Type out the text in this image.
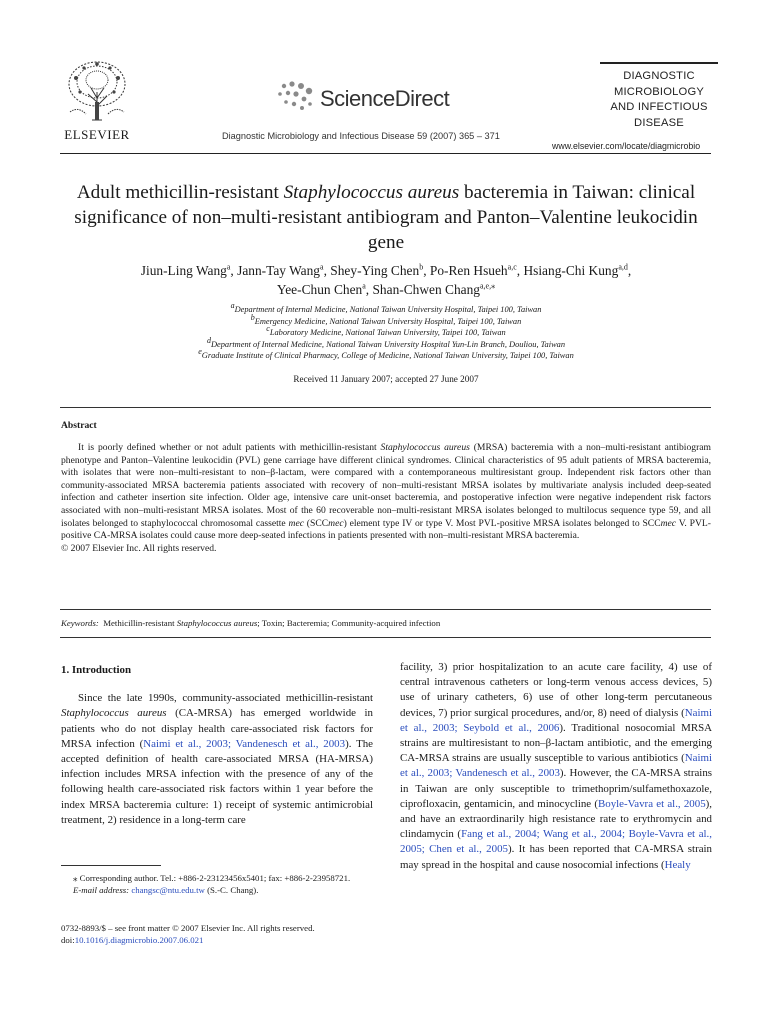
ELSEVIER
ScienceDirect
Diagnostic Microbiology and Infectious Disease 59 (2007) 365 – 371
DIAGNOSTIC
MICROBIOLOGY
AND INFECTIOUS
DISEASE
www.elsevier.com/locate/diagmicrobio
Adult methicillin-resistant Staphylococcus aureus bacteremia in Taiwan: clinical significance of non–multi-resistant antibiogram and Panton–Valentine leukocidin gene
Jiun-Ling Wang$^a$, Jann-Tay Wang$^a$, Shey-Ying Chen$^b$, Po-Ren Hsueh$^{a,c}$, Hsiang-Chi Kung$^{a,d}$,
Yee-Chun Chen$^a$, Shan-Chwen Chang$^{a,e,⁎}$
$^a$Department of Internal Medicine, National Taiwan University Hospital, Taipei 100, Taiwan
$^b$Emergency Medicine, National Taiwan University Hospital, Taipei 100, Taiwan
$^c$Laboratory Medicine, National Taiwan University, Taipei 100, Taiwan
$^d$Department of Internal Medicine, National Taiwan University Hospital Yun-Lin Branch, Douliou, Taiwan
$^e$Graduate Institute of Clinical Pharmacy, College of Medicine, National Taiwan University, Taipei 100, Taiwan
Received 11 January 2007; accepted 27 June 2007
Abstract

It is poorly defined whether or not adult patients with methicillin-resistant Staphylococcus aureus (MRSA) bacteremia with a non–multi-resistant antibiogram phenotype and Panton–Valentine leukocidin (PVL) gene carriage have different clinical syndromes. Clinical characteristics of 95 adult patients of MRSA bacteremia, with isolates that were non–multi-resistant to non–β-lactam, were compared with a contemporaneous multiresistant group. Independent risk factors other than community-associated MRSA bacteremia patients associated with recovery of non–multi-resistant MRSA isolates by multivariate analysis included deep-seated infection and catheter insertion site infection. Older age, intensive care unit-onset bacteremia, and postoperative infection were negative independent risk factors associated with non–multi-resistant MRSA isolates. Most of the 60 recoverable non–multi-resistant MRSA isolates belonged to multilocus sequence type 59, and all isolates belonged to staphylococcal chromosomal cassette mec (SCCmec) element type IV or type V. Most PVL-positive MRSA isolates belonged to SCCmec V. PVL-positive CA-MRSA isolates could cause more deep-seated infections in patients presented with non–multi-resistant MRSA bacteremia.

© 2007 Elsevier Inc. All rights reserved.

Keywords: Methicillin-resistant Staphylococcus aureus; Toxin; Bacteremia; Community-acquired infection
1. Introduction

Since the late 1990s, community-associated methicillin-resistant Staphylococcus aureus (CA-MRSA) has emerged worldwide in patients who do not display health care-associated risk factors for MRSA infection (Naimi et al., 2003; Vandenesch et al., 2003). The accepted definition of health care-associated MRSA (HA-MRSA) infection includes MRSA infection with the presence of any of the following health care-associated risk factors within 1 year before the index MRSA bacteremia culture: 1) receipt of systemic antimicrobial treatment, 2) residence in a long-term care

facility, 3) prior hospitalization to an acute care facility, 4) use of central intravenous catheters or long-term venous access devices, 5) use of urinary catheters, 6) use of other long-term percutaneous devices, 7) prior surgical procedures, and/or, 8) need of dialysis (Naimi et al., 2003; Seybold et al., 2006). Traditional nosocomial MRSA strains are multiresistant to non–β-lactam antibiotic, and the emerging CA-MRSA strains are usually susceptible to various antibiotics (Naimi et al., 2003; Vandenesch et al., 2003). However, the CA-MRSA strains in Taiwan are only susceptible to trimethoprim/sulfamethoxazole, ciprofloxacin, gentamicin, and minocycline (Boyle-Vavra et al., 2005), and have an extraordinarily high resistance rate to erythromycin and clindamycin (Fang et al., 2004; Wang et al., 2004; Boyle-Vavra et al., 2005; Chen et al., 2005). It has been reported that CA-MRSA strain may spread in the hospital and cause nosocomial infections (Healy

⁎ Corresponding author. Tel.: +886-2-23123456x5401; fax: +886-2-23958721.

E-mail address: changsc@ntu.edu.tw (S.-C. Chang).

0732-8893/$ – see front matter © 2007 Elsevier Inc. All rights reserved.
doi:10.1016/j.diagmicrobio.2007.06.021
